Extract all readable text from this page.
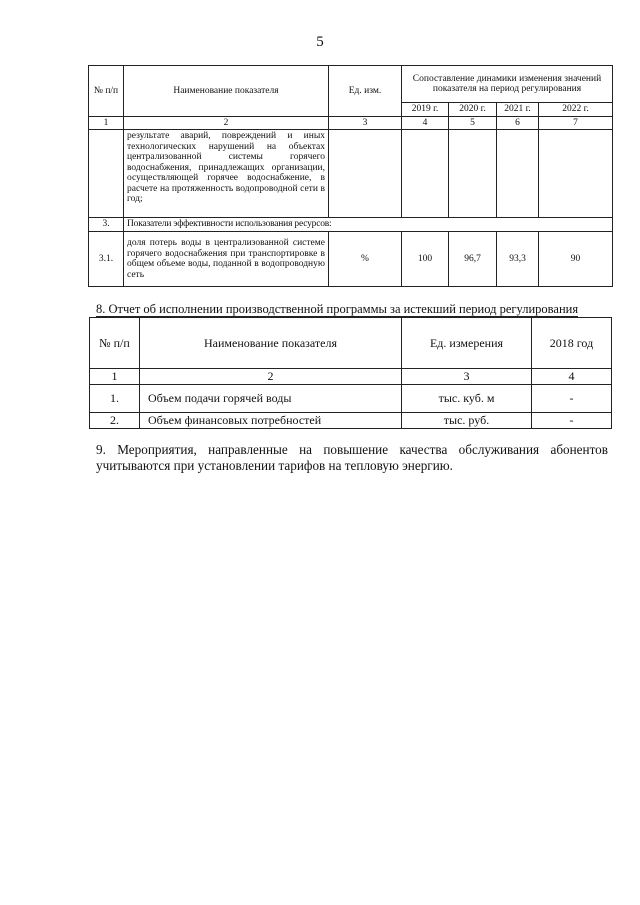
5
№ п/п	Наименование показателя	Ед. изм.	Сопоставление динамики изменения значений показателя на период регулирования			
			2019 г.	2020 г.	2021 г.	2022 г.
1	2	3	4	5	6	7
	результате аварий, повреждений и иных технологических нарушений на объектах централизованной системы горячего водоснабжения, принадлежащих организации, осуществляющей горячее водоснабжение, в расчете на протяженность водопроводной сети в год;					
3.	Показатели эффективности использования ресурсов:					
3.1.	доля потерь воды в централизованной системе горячего водоснабжения при транспортировке в общем объеме воды, поданной в водопроводную сеть	%	100	96,7	93,3	90
8. Отчет об исполнении производственной программы за истекший период регулирования
№ п/п	Наименование показателя	Ед. измерения	2018 год
1	2	3	4
1.	Объем подачи горячей воды	тыс. куб. м	-
2.	Объем финансовых потребностей	тыс. руб.	-
9. Мероприятия, направленные на повышение качества обслуживания абонентов учитываются при установлении тарифов на тепловую энергию.
